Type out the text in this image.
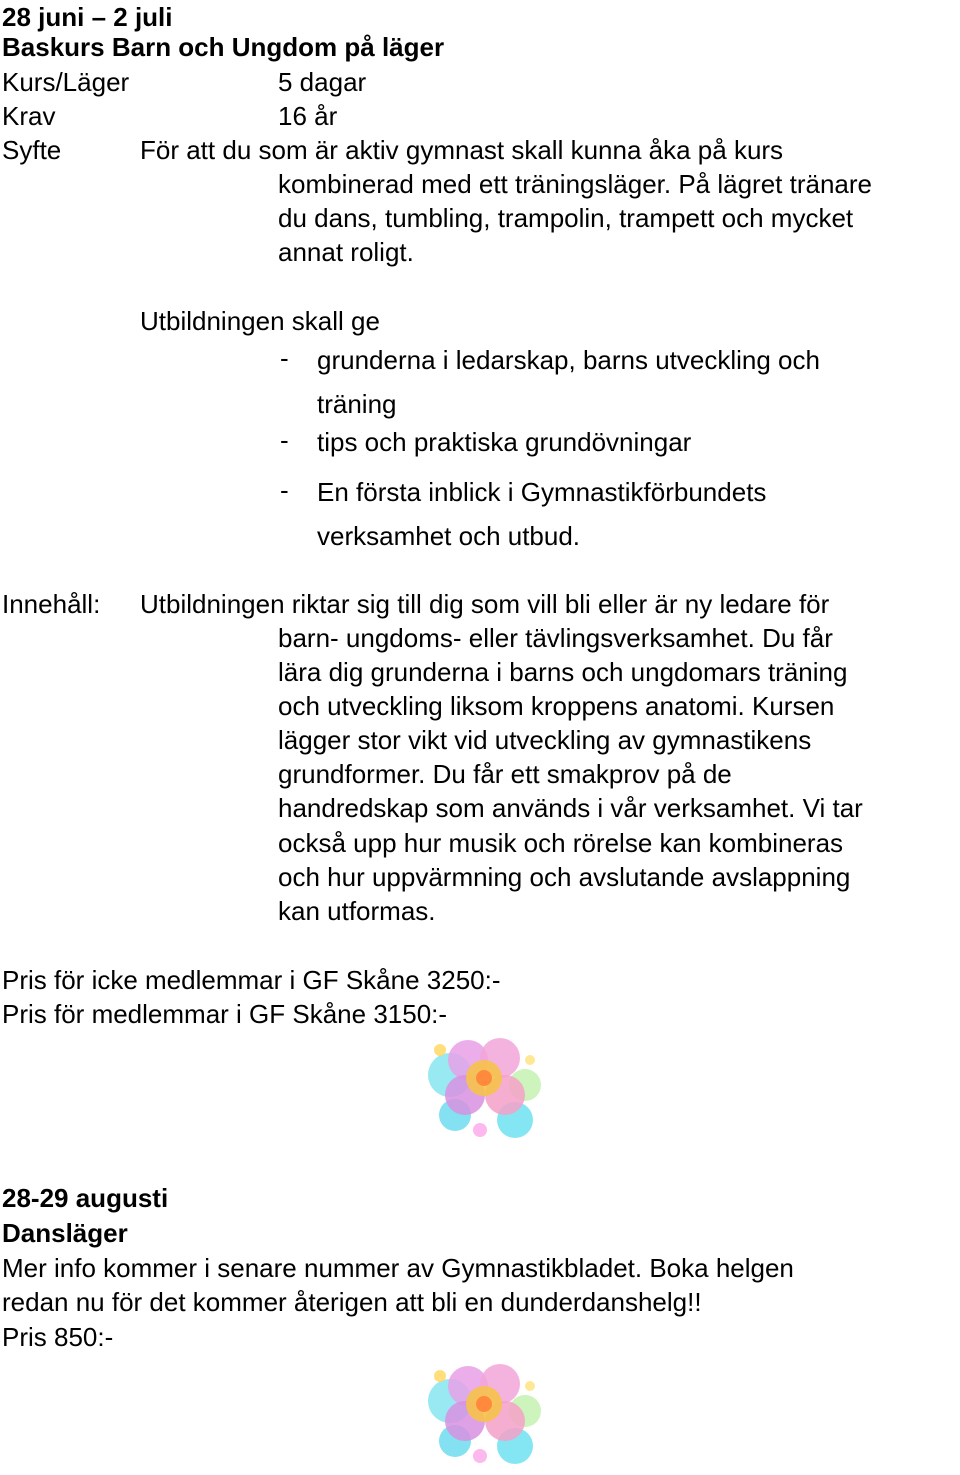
28 juni – 2 juli
Baskurs Barn och Ungdom på läger
Kurs/Läger	5 dagar
Krav	16 år
Syfte	För att du som är aktiv gymnast skall kunna åka på kurs
kombinerad med ett träningsläger. På lägret tränare
du dans, tumbling, trampolin, trampett och mycket
annat roligt.
Utbildningen skall ge
- grunderna i ledarskap, barns utveckling och
träning
- tips och praktiska grundövningar
- En första inblick i Gymnastikförbundets
verksamhet och utbud.
Innehåll: Utbildningen riktar sig till dig som vill bli eller är ny ledare för
barn- ungdoms- eller tävlingsverksamhet. Du får
lära dig grunderna i barns och ungdomars träning
och utveckling liksom kroppens anatomi. Kursen
lägger stor vikt vid utveckling av gymnastikens
grundformer. Du får ett smakprov på de
handredskap som används i vår verksamhet. Vi tar
också upp hur musik och rörelse kan kombineras
och hur uppvärmning och avslutande avslappning
kan utformas.
Pris för icke medlemmar i GF Skåne 3250:-
Pris för medlemmar i GF Skåne 3150:-
28-29 augusti
Dansläger
Mer info kommer i senare nummer av Gymnastikbladet. Boka helgen
redan nu för det kommer återigen att bli en dunderdanshelg!!
Pris 850:-
